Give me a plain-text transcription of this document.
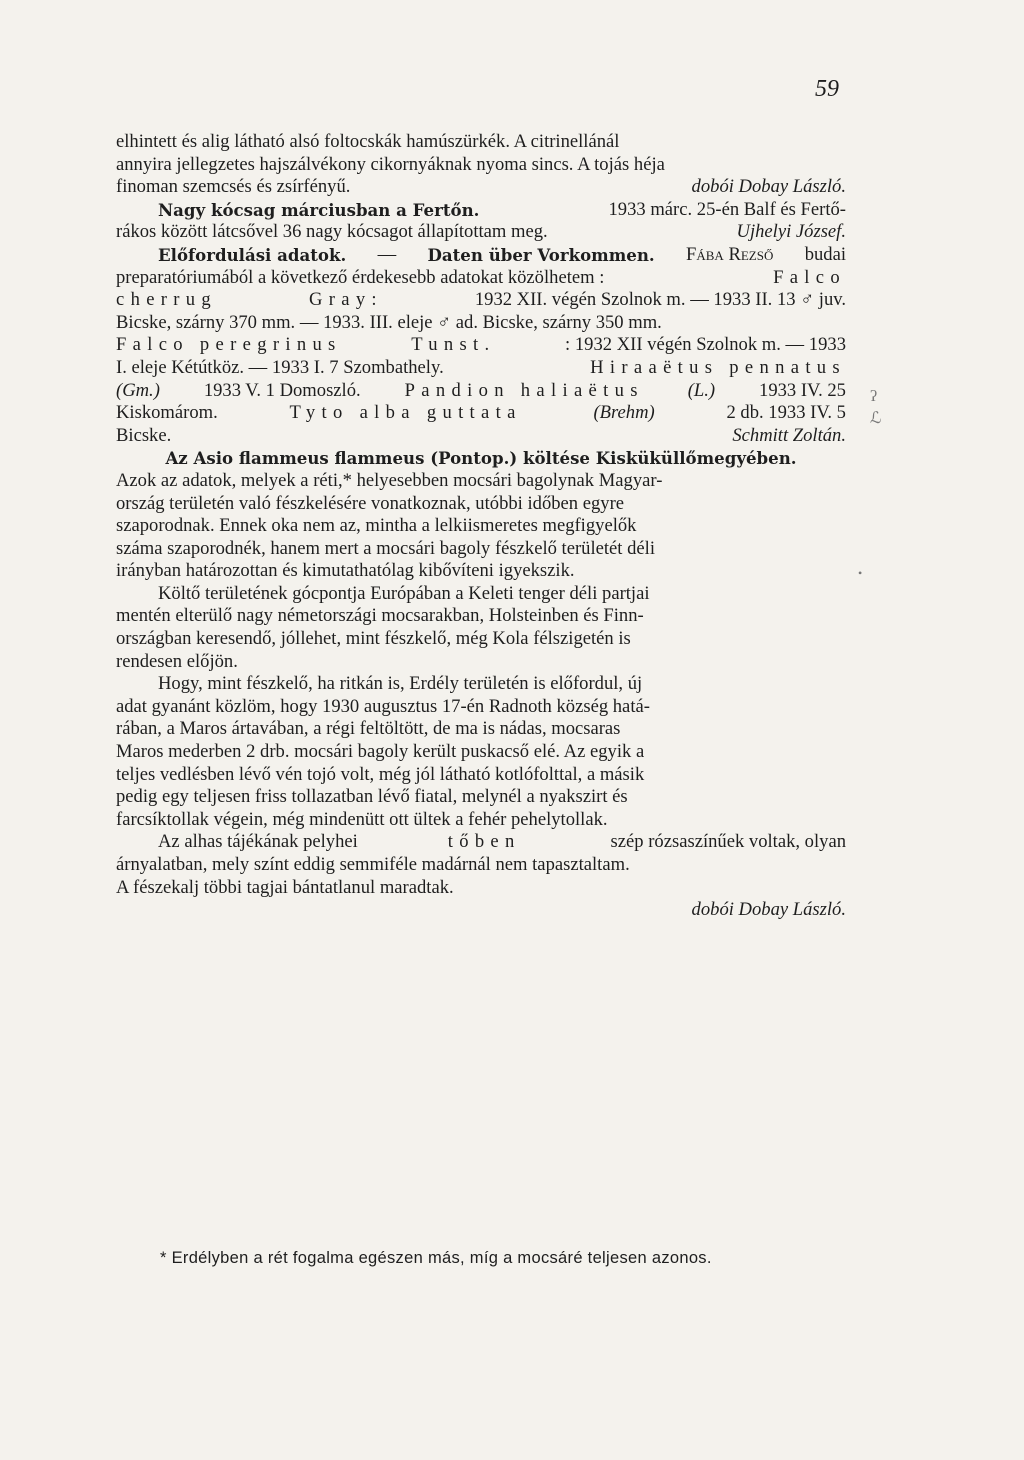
59
elhintett és alig látható alsó foltocskák hamúszürkék. A citrinellánál
annyira jellegzetes hajszálvékony cikornyáknak nyoma sincs. A tojás héja
finoman szemcsés és zsírfényű.	dobói Dobay László.
Nagy kócsag márciusban a Fertőn.	1933 márc. 25-én Balf és Fertő-
rákos között látcsővel 36 nagy kócsagot állapítottam meg.	Ujhelyi József.
Előfordulási adatok. — Daten über Vorkommen. Fába Rezső budai
preparatóriumából a következő érdekesebb adatokat közölhetem :	Falco
cherrug	Gray:	1932 XII. végén Szolnok m. — 1933 II. 13 ♂ juv.
Bicske, szárny 370 mm. — 1933. III. eleje ♂ ad. Bicske, szárny 350 mm.
Falco peregrinus	Tunst.	: 1932 XII végén Szolnok m. — 1933
I. eleje Kétútköz. — 1933 I. 7 Szombathely.	Hiraaëtus pennatus
(Gm.) 1933 V. 1 Domoszló. Pandion haliaëtus (L.) 1933 IV. 25
Kiskomárom.	Tyto alba guttata	(Brehm)	2 db. 1933 IV. 5
Bicske.	Schmitt Zoltán.
Az Asio flammeus flammeus (Pontop.) költése Kisküküllőmegyében.
Azok az adatok, melyek a réti,* helyesebben mocsári bagolynak Magyar-
ország területén való fészkelésére vonatkoznak, utóbbi időben egyre
szaporodnak. Ennek oka nem az, mintha a lelkiismeretes megfigyelők
száma szaporodnék, hanem mert a mocsári bagoly fészkelő területét déli
irányban határozottan és kimutathatólag kibővíteni igyekszik.
Költő területének gócpontja Európában a Keleti tenger déli partjai
mentén elterülő nagy németországi mocsarakban, Holsteinben és Finn-
országban keresendő, jóllehet, mint fészkelő, még Kola félszigetén is
rendesen előjön.
Hogy, mint fészkelő, ha ritkán is, Erdély területén is előfordul, új
adat gyanánt közlöm, hogy 1930 augusztus 17-én Radnoth község hatá-
rában, a Maros ártavában, a régi feltöltött, de ma is nádas, mocsaras
Maros mederben 2 drb. mocsári bagoly került puskacső elé. Az egyik a
teljes vedlésben lévő vén tojó volt, még jól látható kotlófolttal, a másik
pedig egy teljesen friss tollazatban lévő fiatal, melynél a nyakszirt és
farcsíktollak végein, még mindenütt ott ültek a fehér pehelytollak.
Az alhas tájékának pelyhei	tőben	szép rózsaszínűek voltak, olyan
árnyalatban, mely színt eddig semmiféle madárnál nem tapasztaltam.
A fészekalj többi tagjai bántatlanul maradtak.
dobói Dobay László.
ʔ
ℒ
•
* Erdélyben a rét fogalma egészen más, míg a mocsáré teljesen azonos.
